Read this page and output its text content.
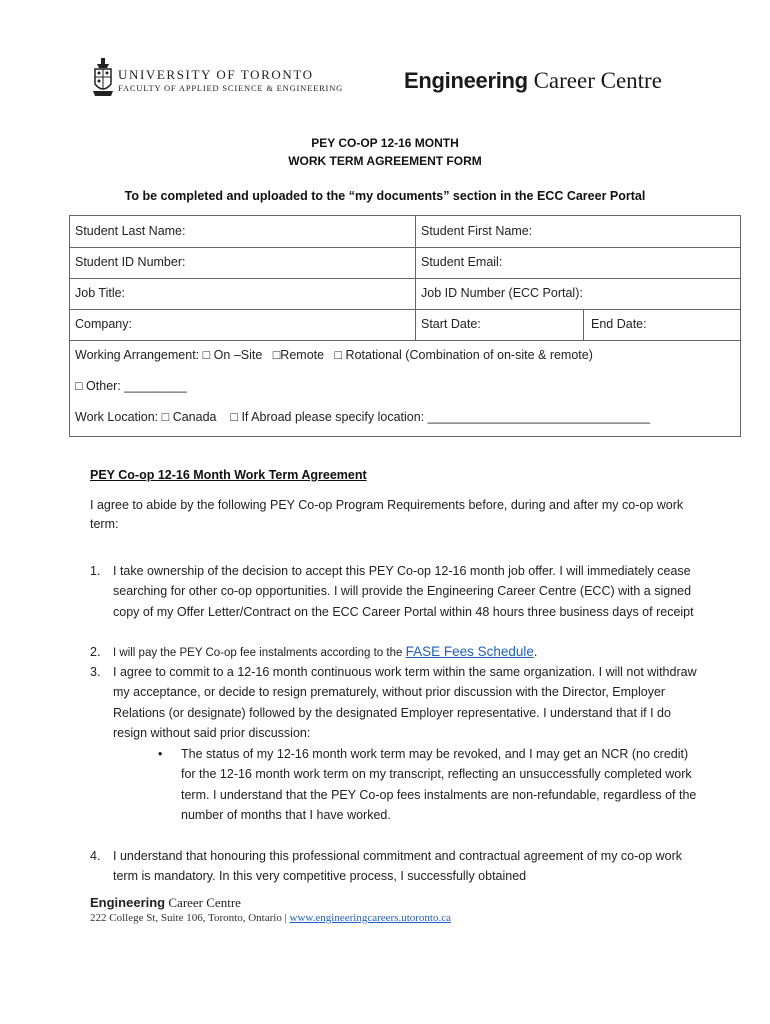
UNIVERSITY OF TORONTO
FACULTY OF APPLIED SCIENCE & ENGINEERING	Engineering Career Centre
PEY CO-OP 12-16 MONTH
WORK TERM AGREEMENT FORM
To be completed and uploaded to the “my documents” section in the ECC Career Portal
Student Last Name:	Student First Name:
Student ID Number:	Student Email:
Job Title:	Job ID Number (ECC Portal):
Company:	Start Date:	End Date:
Working Arrangement: □ On –Site □Remote □ Rotational (Combination of on-site & remote)
□ Other: _________
Work Location: □ Canada □ If Abroad please specify location: ________________________________
PEY Co-op 12-16 Month Work Term Agreement
I agree to abide by the following PEY Co-op Program Requirements before, during and after my co-op work term:
1. I take ownership of the decision to accept this PEY Co-op 12-16 month job offer. I will immediately cease searching for other co-op opportunities. I will provide the Engineering Career Centre (ECC) with a signed copy of my Offer Letter/Contract on the ECC Career Portal within 48 hours three business days of receipt
2. I will pay the PEY Co-op fee instalments according to the FASE Fees Schedule.
3. I agree to commit to a 12-16 month continuous work term within the same organization. I will not withdraw my acceptance, or decide to resign prematurely, without prior discussion with the Director, Employer Relations (or designate) followed by the designated Employer representative. I understand that if I do resign without said prior discussion:
• The status of my 12-16 month work term may be revoked, and I may get an NCR (no credit) for the 12-16 month work term on my transcript, reflecting an unsuccessfully completed work term. I understand that the PEY Co-op fees instalments are non-refundable, regardless of the number of months that I have worked.
4. I understand that honouring this professional commitment and contractual agreement of my co-op work term is mandatory. In this very competitive process, I successfully obtained
Engineering Career Centre
222 College St, Suite 106, Toronto, Ontario | www.engineeringcareers.utoronto.ca
